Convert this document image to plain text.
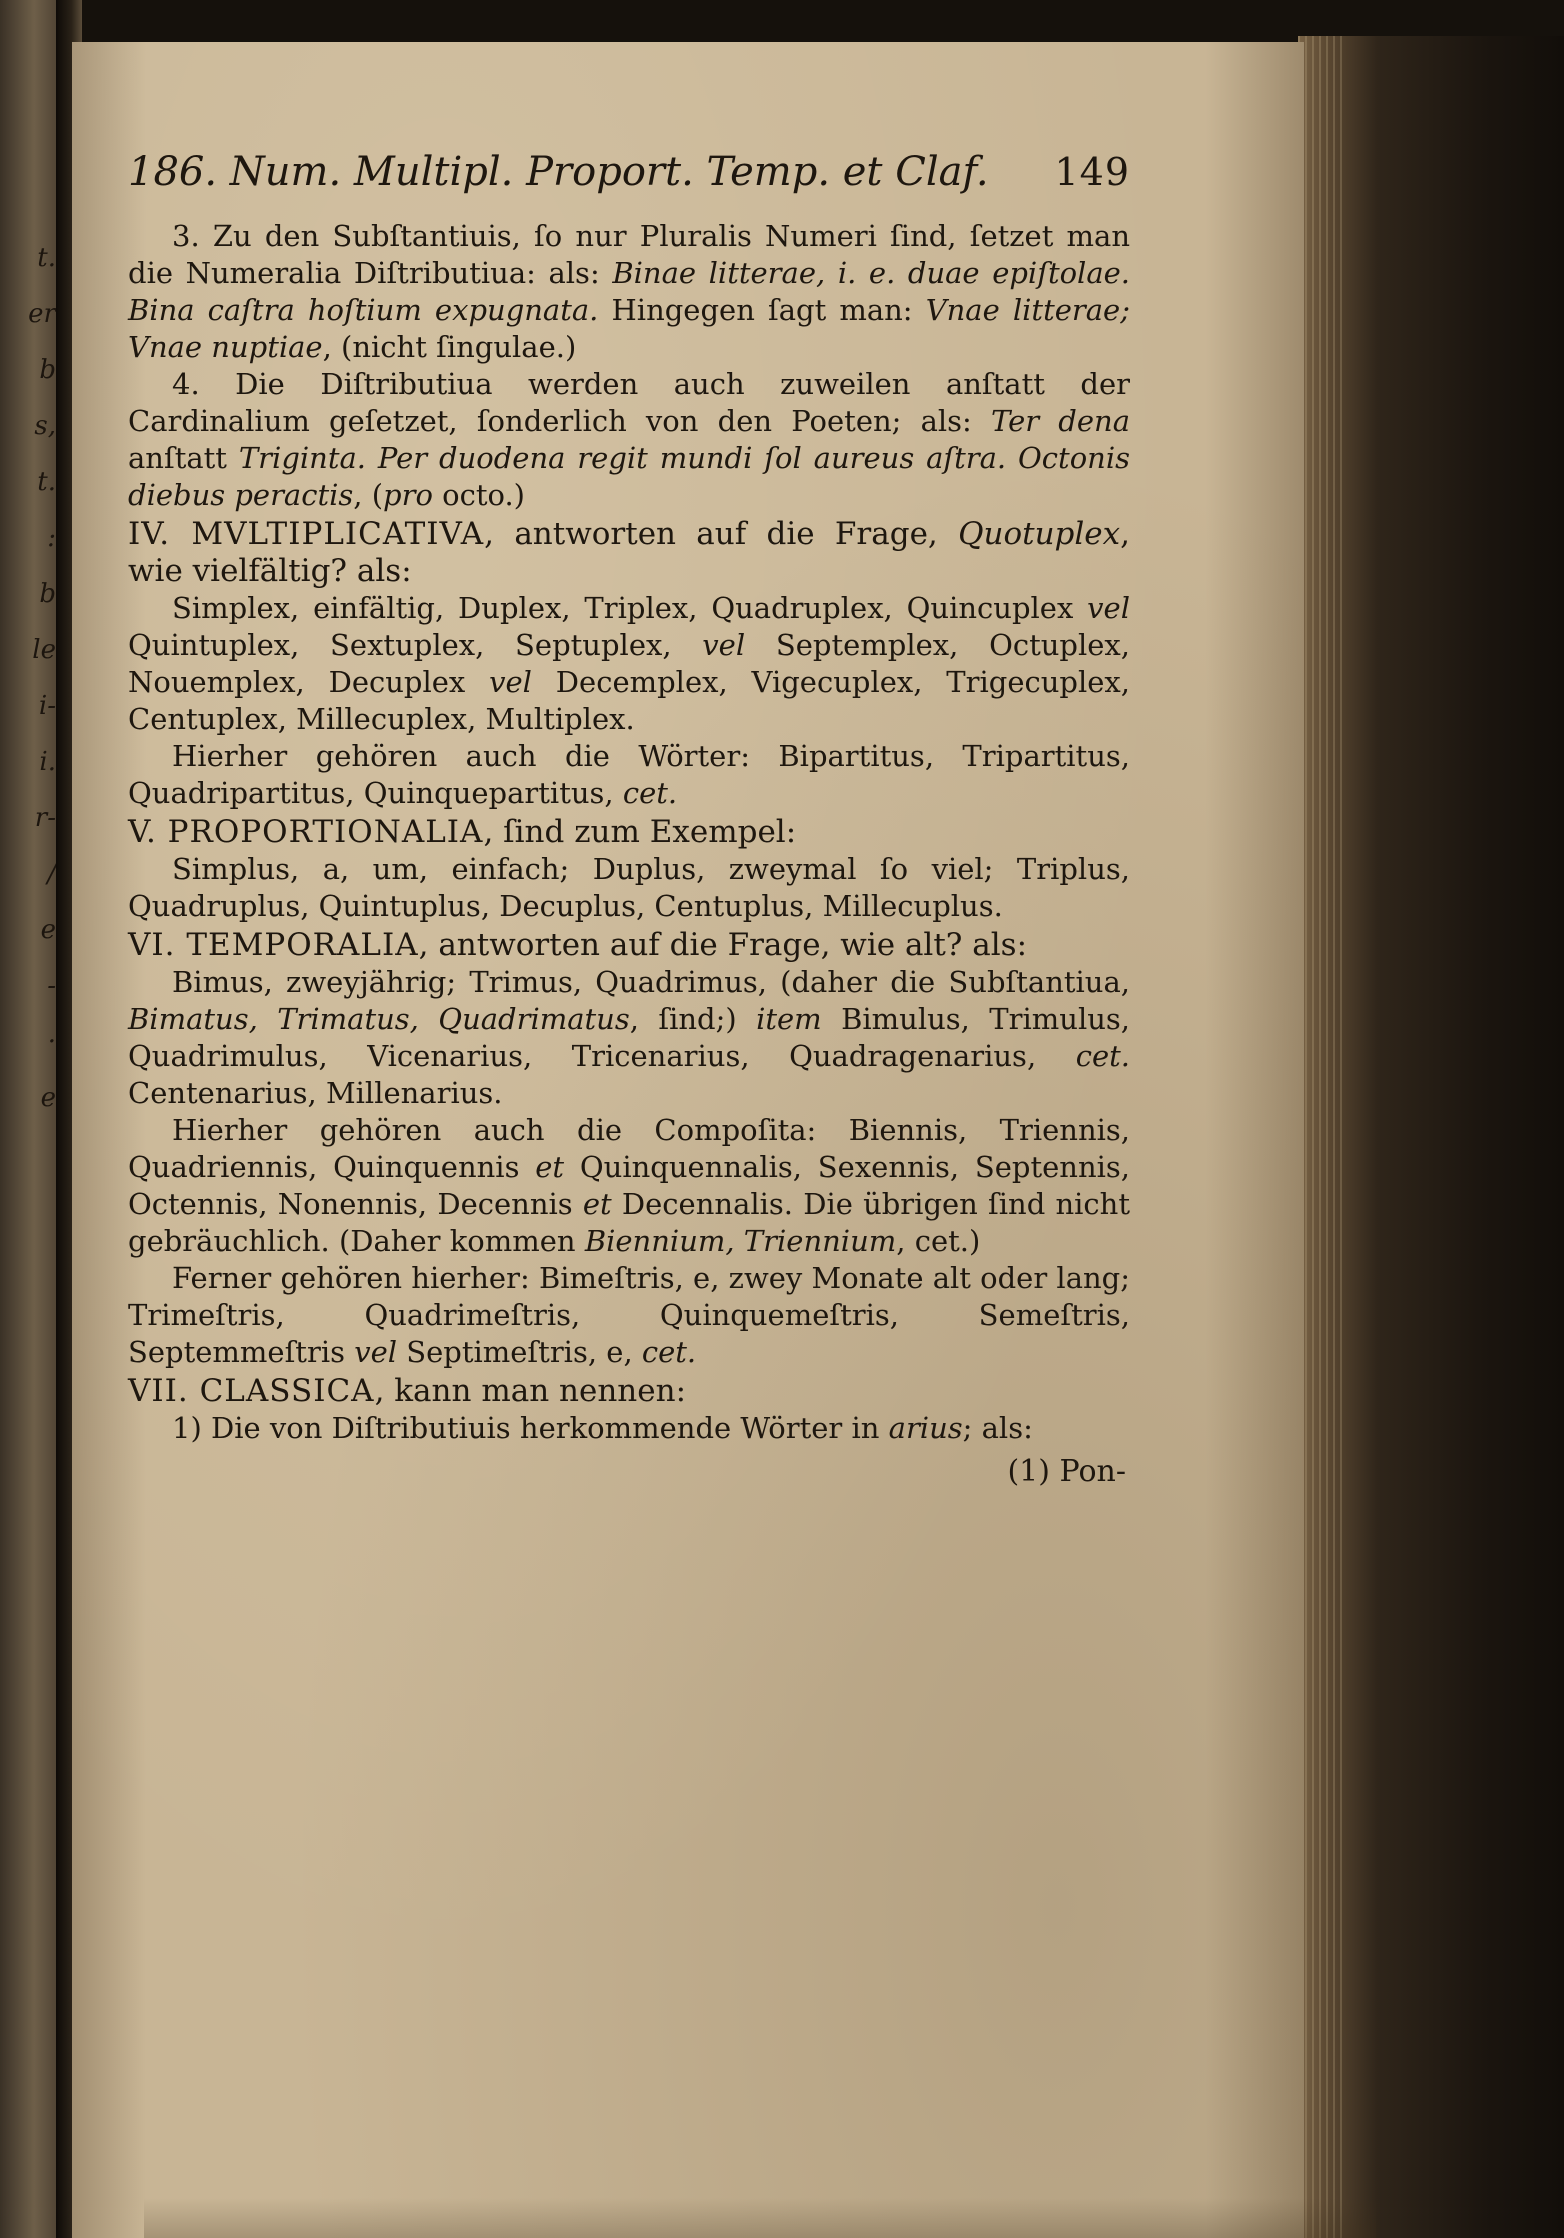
t.
er
b
s,
t.
:
b
le
i-
i.
r-
/
e
-
·
e
186. Num. Multipl. Proport. Temp. et Claf. 149

3. Zu den Subſtantiuis, ſo nur Pluralis Numeri ſind, ſetzet man die Numeralia Diſtributiua: als: Binae litterae, i. e. duae epiſtolae. Bina caſtra hoſtium expugnata. Hingegen ſagt man: Vnae litterae; Vnae nuptiae, (nicht ſingulae.)

4. Die Diſtributiua werden auch zuweilen anſtatt der Cardinalium geſetzet, ſonderlich von den Poeten; als: Ter dena anſtatt Triginta. Per duodena regit mundi ſol aureus aſtra. Octonis diebus peractis, (pro octo.)

IV. MVLTIPLICATIVA, antworten auf die Frage, Quotuplex, wie vielfältig? als:

Simplex, einfältig, Duplex, Triplex, Quadruplex, Quincuplex vel Quintuplex, Sextuplex, Septuplex, vel Septemplex, Octuplex, Nouemplex, Decuplex vel Decemplex, Vigecuplex, Trigecuplex, Centuplex, Millecuplex, Multiplex.

Hierher gehören auch die Wörter: Bipartitus, Tripartitus, Quadripartitus, Quinquepartitus, cet.

V. PROPORTIONALIA, ſind zum Exempel:

Simplus, a, um, einfach; Duplus, zweymal ſo viel; Triplus, Quadruplus, Quintuplus, Decuplus, Centuplus, Millecuplus.

VI. TEMPORALIA, antworten auf die Frage, wie alt? als:

Bimus, zweyjährig; Trimus, Quadrimus, (daher die Subſtantiua, Bimatus, Trimatus, Quadrimatus, ſind;) item Bimulus, Trimulus, Quadrimulus, Vicenarius, Tricenarius, Quadragenarius, cet. Centenarius, Millenarius.

Hierher gehören auch die Compoſita: Biennis, Triennis, Quadriennis, Quinquennis et Quinquennalis, Sexennis, Septennis, Octennis, Nonennis, Decennis et Decennalis. Die übrigen ſind nicht gebräuchlich. (Daher kommen Biennium, Triennium, cet.)

Ferner gehören hierher: Bimeſtris, e, zwey Monate alt oder lang; Trimeſtris, Quadrimeſtris, Quinquemeſtris, Semeſtris, Septemmeſtris vel Septimeſtris, e, cet.

VII. CLASSICA, kann man nennen:

1) Die von Diſtributiuis herkommende Wörter in arius; als:

(1) Pon-
